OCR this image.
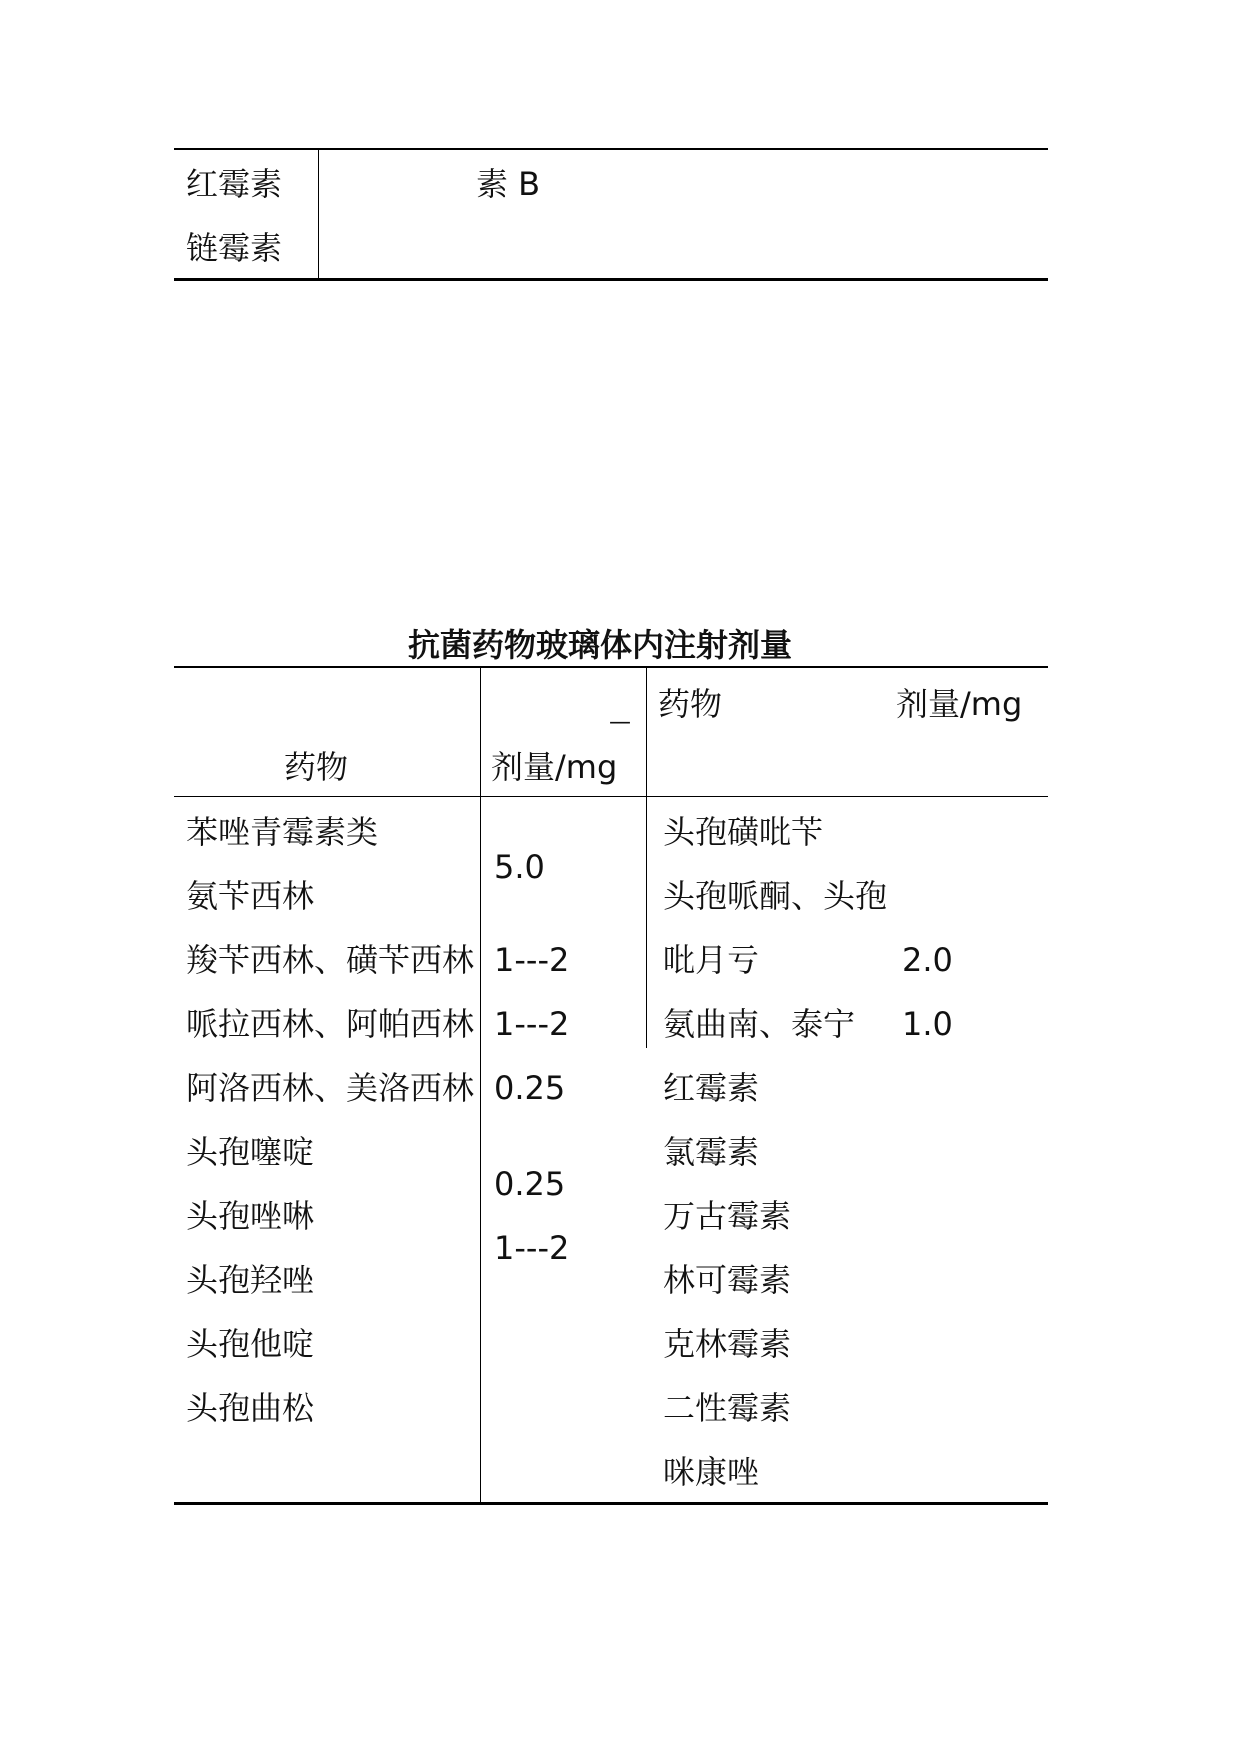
红霉素
链霉素
素 B
抗菌药物玻璃体内注射剂量
药物
—
剂量/mg
药物	剂量/mg
苯唑青霉素类
氨苄西林
羧苄西林、磺苄西林
哌拉西林、阿帕西林
阿洛西林、美洛西林
头孢噻啶
头孢唑啉
头孢羟唑
头孢他啶
头孢曲松
5.0
1---2
1---2
0.25
0.25
1---2
头孢磺吡苄
头孢哌酮、头孢
吡月亏
氨曲南、泰宁
红霉素
氯霉素
万古霉素
林可霉素
克林霉素
二性霉素
咪康唑
2.0
1.0
